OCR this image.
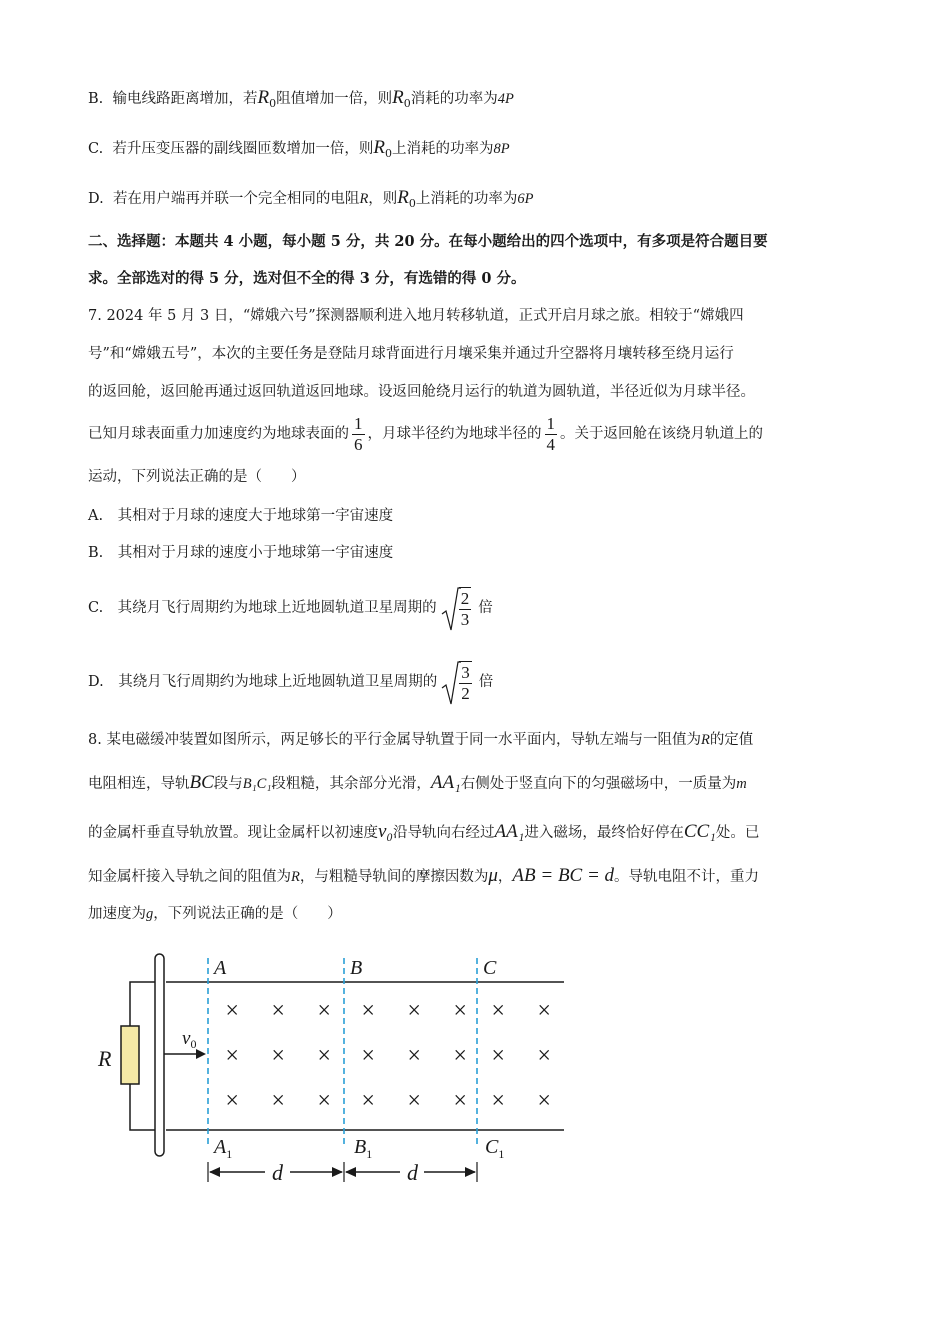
B. 输电线路距离增加，若$R_0$阻值增加一倍，则$R_0$消耗的功率为4P
C. 若升压变压器的副线圈匝数增加一倍，则$R_0$上消耗的功率为8P
D. 若在用户端再并联一个完全相同的电阻R，则$R_0$上消耗的功率为6P
二、选择题：本题共 4 小题，每小题 5 分，共 20 分。在每小题给出的四个选项中，有多项是符合题目要
求。全部选对的得 5 分，选对但不全的得 3 分，有选错的得 0 分。
7. 2024 年 5 月 3 日，“嫦娥六号”探测器顺利进入地月转移轨道，正式开启月球之旅。相较于“嫦娥四
号”和“嫦娥五号”，本次的主要任务是登陆月球背面进行月壤采集并通过升空器将月壤转移至绕月运行
的返回舱，返回舱再通过返回轨道返回地球。设返回舱绕月运行的轨道为圆轨道，半径近似为月球半径。
已知月球表面重力加速度约为地球表面的 $\frac{1}{6}$ ，月球半径约为地球半径的 $\frac{1}{4}$ 。关于返回舱在该绕月轨道上的
运动，下列说法正确的是（　　）
A.　其相对于月球的速度大于地球第一宇宙速度
B.　其相对于月球的速度小于地球第一宇宙速度
C.　其绕月飞行周期约为地球上近地圆轨道卫星周期的 $\frac{2}{3}$ 倍
D.　其绕月飞行周期约为地球上近地圆轨道卫星周期的 $\frac{3}{2}$ 倍
8. 某电磁缓冲装置如图所示，两足够长的平行金属导轨置于同一水平面内，导轨左端与一阻值为R的定值
电阻相连，导轨BC段与B₁C₁段粗糙，其余部分光滑，AA₁右侧处于竖直向下的匀强磁场中，一质量为m
的金属杆垂直导轨放置。现让金属杆以初速度v₀沿导轨向右经过AA₁进入磁场，最终恰好停在CC₁处。已
知金属杆接入导轨之间的阻值为R，与粗糙导轨间的摩擦因数为μ，AB = BC = d。导轨电阻不计，重力
加速度为g，下列说法正确的是（　　）
R
$v_0$
A	B	C
$A_1$	$B_1$	$C_1$
× × × × × × × ×
× × × × × × × ×
× × × × × × × ×
d	d
